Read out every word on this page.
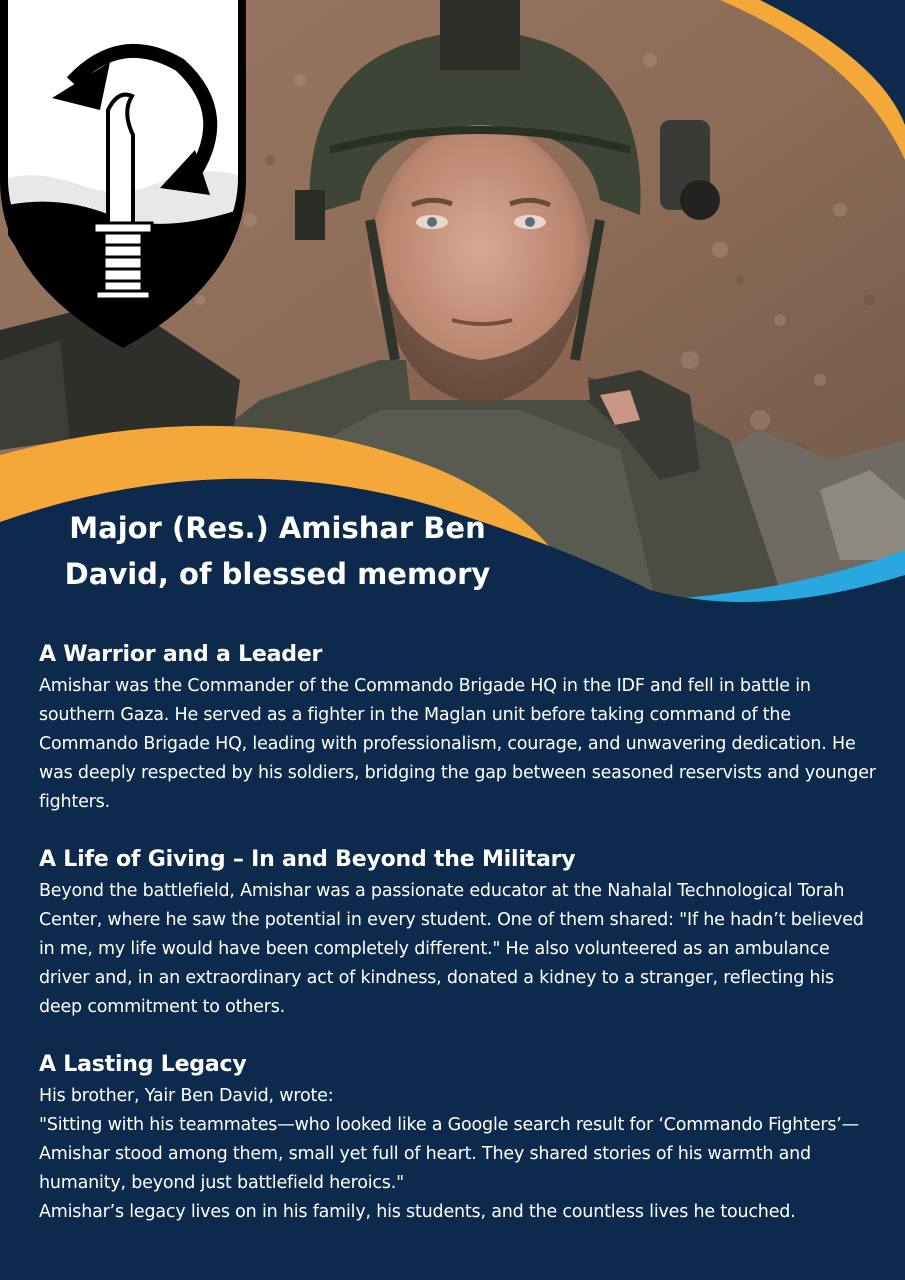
Major (Res.) Amishar Ben
David, of blessed memory
A Warrior and a Leader

Amishar was the Commander of the Commando Brigade HQ in the IDF and fell in battle in southern Gaza. He served as a fighter in the Maglan unit before taking command of the Commando Brigade HQ, leading with professionalism, courage, and unwavering dedication. He was deeply respected by his soldiers, bridging the gap between seasoned reservists and younger fighters.

A Life of Giving – In and Beyond the Military

Beyond the battlefield, Amishar was a passionate educator at the Nahalal Technological Torah Center, where he saw the potential in every student. One of them shared: "If he hadn’t believed in me, my life would have been completely different." He also volunteered as an ambulance driver and, in an extraordinary act of kindness, donated a kidney to a stranger, reflecting his deep commitment to others.

A Lasting Legacy

His brother, Yair Ben David, wrote:

"Sitting with his teammates—who looked like a Google search result for ‘Commando Fighters’—Amishar stood among them, small yet full of heart. They shared stories of his warmth and humanity, beyond just battlefield heroics."

Amishar’s legacy lives on in his family, his students, and the countless lives he touched.
